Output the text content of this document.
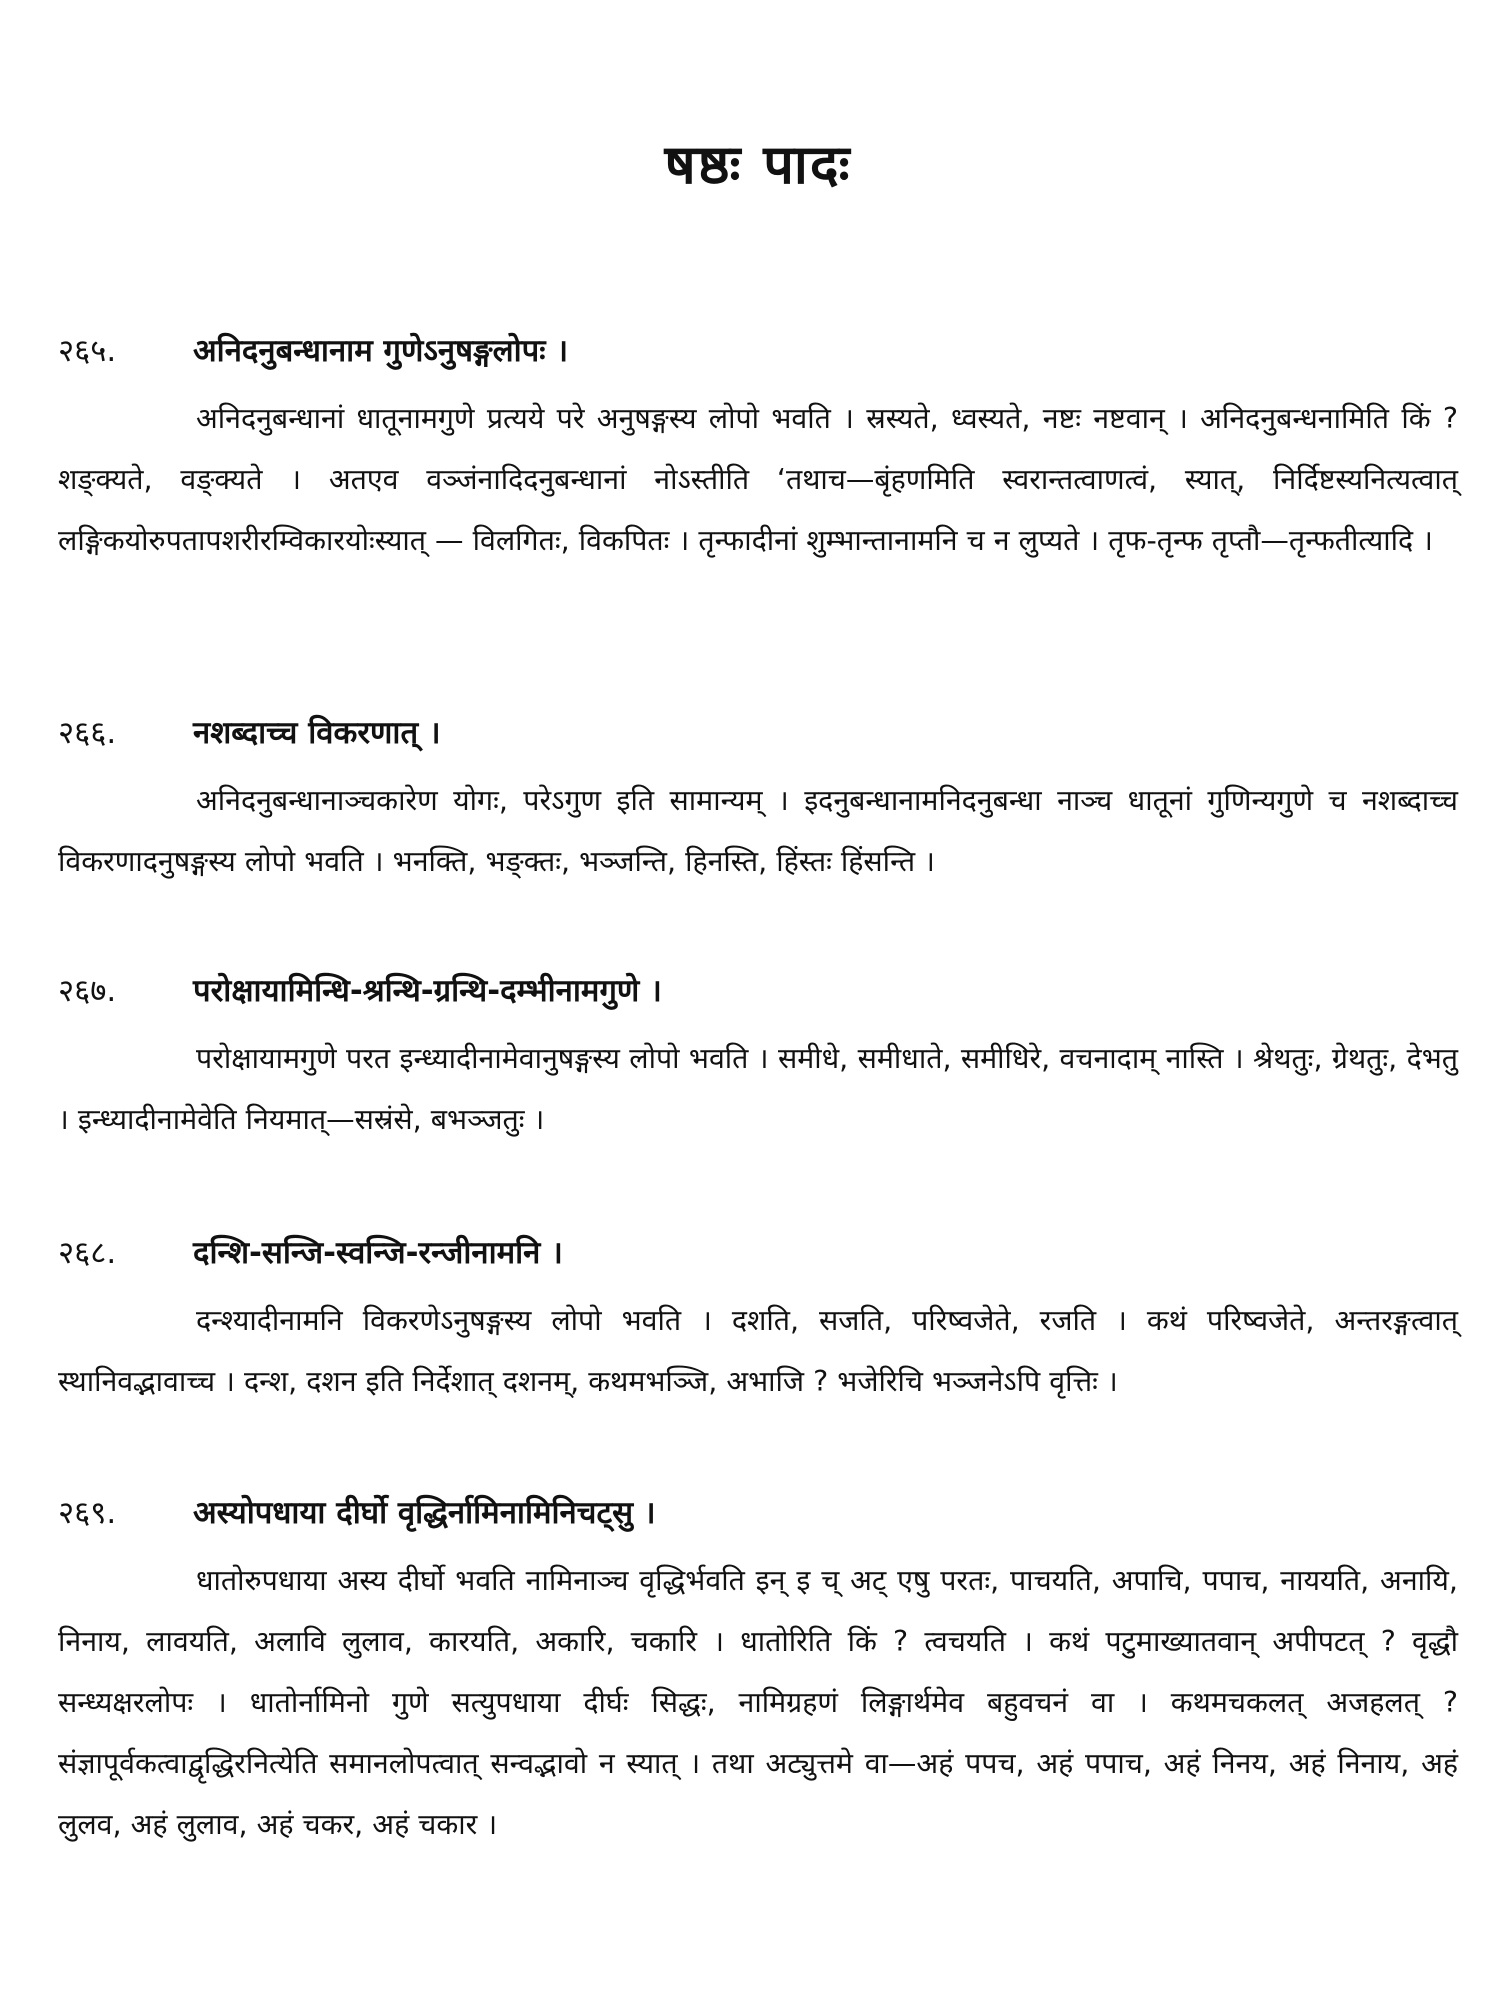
षष्ठः पादः
२६५. अनिदनुबन्धानाम गुणेऽनुषङ्गलोपः ।

अनिदनुबन्धानां धातूनामगुणे प्रत्यये परे अनुषङ्गस्य लोपो भवति । स्रस्यते, ध्वस्यते, नष्टः नष्टवान् । अनिदनुबन्धनामिति किं ? शङ्क्यते, वङ्क्यते । अतएव वञ्जंनादिदनुबन्धानां नोऽस्तीति ‘तथाच—बृंहणमिति स्वरान्तत्वाणत्वं, स्यात्, निर्दिष्टस्यनित्यत्वात् लङ्गिकयोरुपतापशरीरम्विकारयोःस्यात् — विलगितः, विकपितः । तृन्फादीनां शुम्भान्तानामनि च न लुप्यते । तृफ-तृन्फ तृप्तौ—तृन्फतीत्यादि ।

२६६. नशब्दाच्च विकरणात् ।

अनिदनुबन्धानाञ्चकारेण योगः, परेऽगुण इति सामान्यम् । इदनुबन्धानामनिदनुबन्धा नाञ्च धातूनां गुणिन्यगुणे च नशब्दाच्च विकरणादनुषङ्गस्य लोपो भवति । भनक्ति, भङ्क्तः, भञ्जन्ति, हिनस्ति, हिंस्तः हिंसन्ति ।

२६७. परोक्षायामिन्धि-श्रन्थि-ग्रन्थि-दम्भीनामगुणे ।

परोक्षायामगुणे परत इन्ध्यादीनामेवानुषङ्गस्य लोपो भवति । समीधे, समीधाते, समीधिरे, वचनादाम् नास्ति । श्रेथतुः, ग्रेथतुः, देभतु । इन्ध्यादीनामेवेति नियमात्—सस्रंसे, बभञ्जतुः ।

२६८. दन्शि-सन्जि-स्वन्जि-रन्जीनामनि ।

दन्श्यादीनामनि विकरणेऽनुषङ्गस्य लोपो भवति । दशति, सजति, परिष्वजेते, रजति । कथं परिष्वजेते, अन्तरङ्गत्वात् स्थानिवद्भावाच्च । दन्श, दशन इति निर्देशात् दशनम्, कथमभञ्जि, अभाजि ? भजेरिचि भञ्जनेऽपि वृत्तिः ।

२६९. अस्योपधाया दीर्घो वृद्धिर्नामिनामिनिचट्सु ।

धातोरुपधाया अस्य दीर्घो भवति नामिनाञ्च वृद्धिर्भवति इन् इ च् अट् एषु परतः, पाचयति, अपाचि, पपाच, नाययति, अनायि, निनाय, लावयति, अलावि लुलाव, कारयति, अकारि, चकारि । धातोरिति किं ? त्वचयति । कथं पटुमाख्यातवान् अपीपटत् ? वृद्धौ सन्ध्यक्षरलोपः । धातोर्नामिनो गुणे सत्युपधाया दीर्घः सिद्धः, नामिग्रहणं लिङ्गार्थमेव बहुवचनं वा । कथमचकलत् अजहलत् ? संज्ञापूर्वकत्वाद्वृद्धिरनित्येति समानलोपत्वात् सन्वद्भावो न स्यात् । तथा अट्युत्तमे वा—अहं पपच, अहं पपाच, अहं निनय, अहं निनाय, अहं लुलव, अहं लुलाव, अहं चकर, अहं चकार ।
